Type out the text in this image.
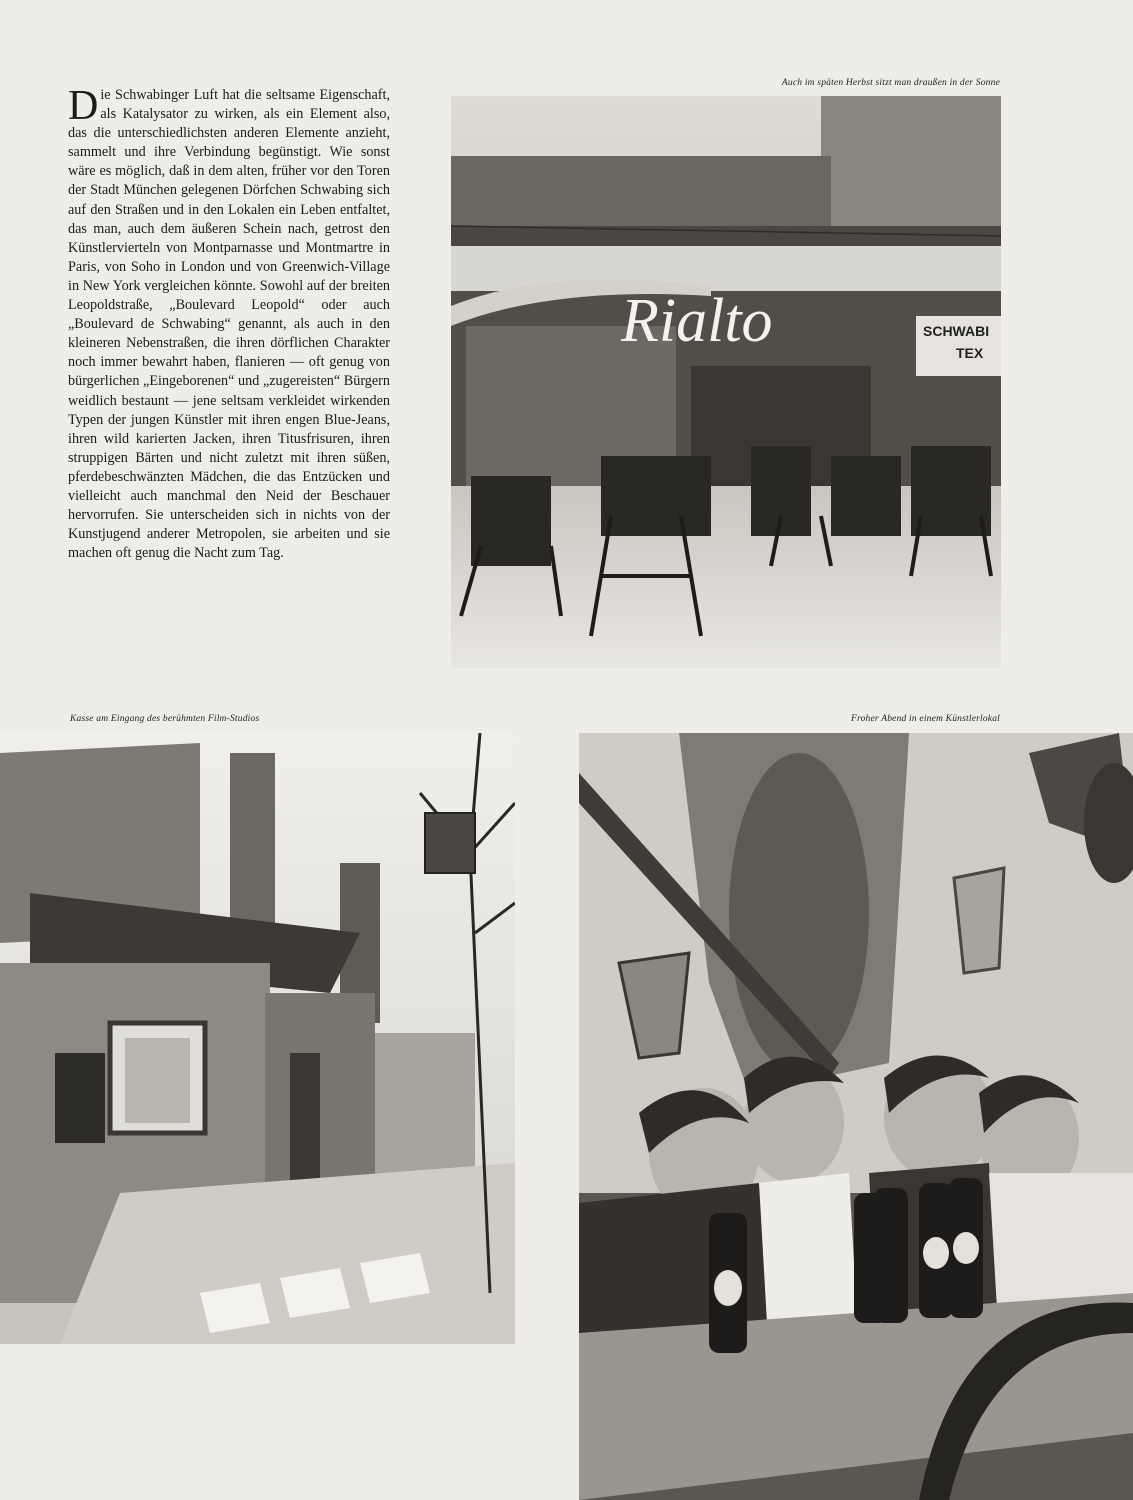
Die Schwabinger Luft hat die seltsame Eigenschaft, als Katalysator zu wirken, als ein Element also, das die unterschiedlichsten anderen Elemente anzieht, sammelt und ihre Verbindung begünstigt. Wie sonst wäre es möglich, daß in dem alten, früher vor den Toren der Stadt München gelegenen Dörfchen Schwabing sich auf den Straßen und in den Lokalen ein Leben entfaltet, das man, auch dem äußeren Schein nach, getrost den Künstlervierteln von Montparnasse und Montmartre in Paris, von Soho in London und von Greenwich-Village in New York vergleichen könnte. Sowohl auf der breiten Leopoldstraße, „Boulevard Leopold“ oder auch „Boulevard de Schwabing“ genannt, als auch in den kleineren Nebenstraßen, die ihren dörflichen Charakter noch immer bewahrt haben, flanieren — oft genug von bürgerlichen „Eingeborenen“ und „zugereisten“ Bürgern weidlich bestaunt — jene seltsam verkleidet wirkenden Typen der jungen Künstler mit ihren engen Blue-Jeans, ihren wild karierten Jacken, ihren Titusfrisuren, ihren struppigen Bärten und nicht zuletzt mit ihren süßen, pferdebeschwänzten Mädchen, die das Entzücken und vielleicht auch manchmal den Neid der Beschauer hervorrufen. Sie unterscheiden sich in nichts von der Kunstjugend anderer Metropolen, sie arbeiten und sie machen oft genug die Nacht zum Tag.
Auch im späten Herbst sitzt man draußen in der Sonne
Rialto	SCHWABI
TEX
Kasse am Eingang des berühmten Film-Studios	Froher Abend in einem Künstlerlokal
